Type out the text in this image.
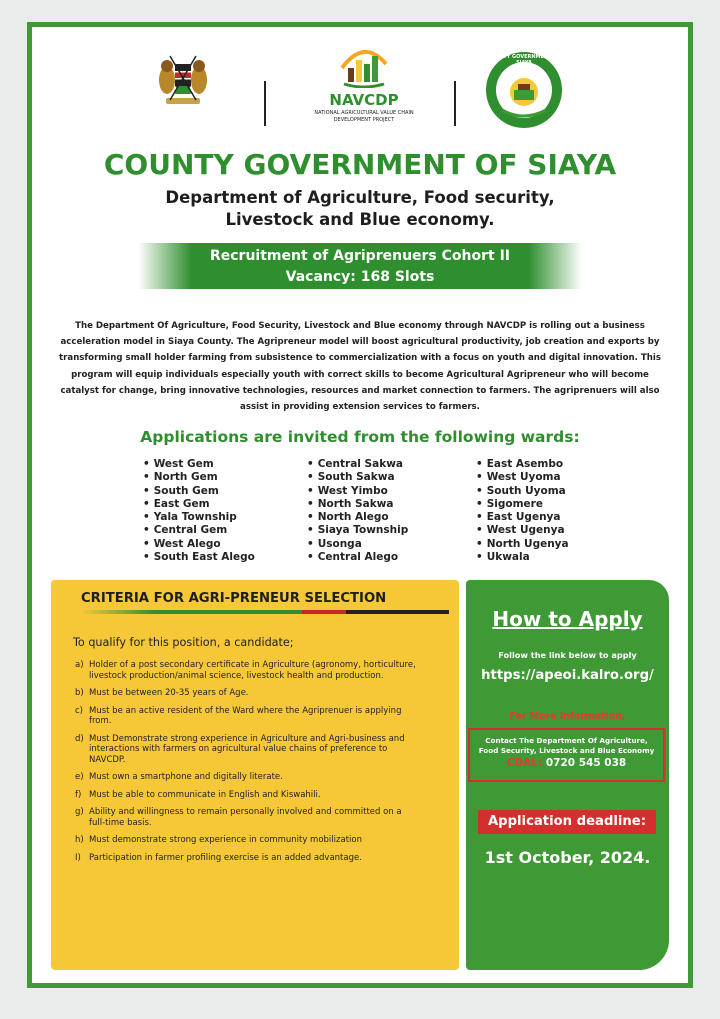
NAVCDP
NATIONAL AGRICULTURAL VALUE CHAIN DEVELOPMENT PROJECT
COUNTY GOVERNMENT OF SIAYA
COUNTY GOVERNMENT OF SIAYA
Department of Agriculture, Food security,
Livestock and Blue economy.
Recruitment of Agriprenuers Cohort II
Vacancy: 168 Slots
The Department Of Agriculture, Food Security, Livestock and Blue economy through NAVCDP is rolling out a business acceleration model in Siaya County. The Agripreneur model will boost agricultural productivity, job creation and exports by transforming small holder farming from subsistence to commercialization with a focus on youth and digital innovation. This program will equip individuals especially youth with correct skills to become Agricultural Agripreneur who will become catalyst for change, bring innovative technologies, resources and market connection to farmers. The agriprenuers will also assist in providing extension services to farmers.
Applications are invited from the following wards:
• West Gem
• North Gem
• South Gem
• East Gem
• Yala Township
• Central Gem
• West Alego
• South East Alego
• Central Sakwa
• South Sakwa
• West Yimbo
• North Sakwa
• North Alego
• Siaya Township
• Usonga
• Central Alego
• East Asembo
• West Uyoma
• South Uyoma
• Sigomere
• East Ugenya
• West Ugenya
• North Ugenya
• Ukwala
CRITERIA FOR AGRI-PRENEUR SELECTION
To qualify for this position, a candidate;
a) Holder of a post secondary certificate in Agriculture (agronomy, horticulture, livestock production/animal science, livestock health and production.
b) Must be between 20-35 years of Age.
c) Must be an active resident of the Ward where the Agriprenuer is applying from.
d) Must Demonstrate strong experience in Agriculture and Agri-business and interactions with farmers on agricultural value chains of preference to NAVCDP.
e) Must own a smartphone and digitally literate.
f) Must be able to communicate in English and Kiswahili.
g) Ability and willingness to remain personally involved and committed on a full-time basis.
h) Must demonstrate strong experience in community mobilization
I) Participation in farmer profiling exercise is an added advantage.
How to Apply
Follow the link below to apply
https://apeoi.kalro.org/
For More Information,
Contact The Department Of Agriculture,
Food Security, Livestock and Blue Economy
CDAL: 0720 545 038
Application deadline:
1st October, 2024.
